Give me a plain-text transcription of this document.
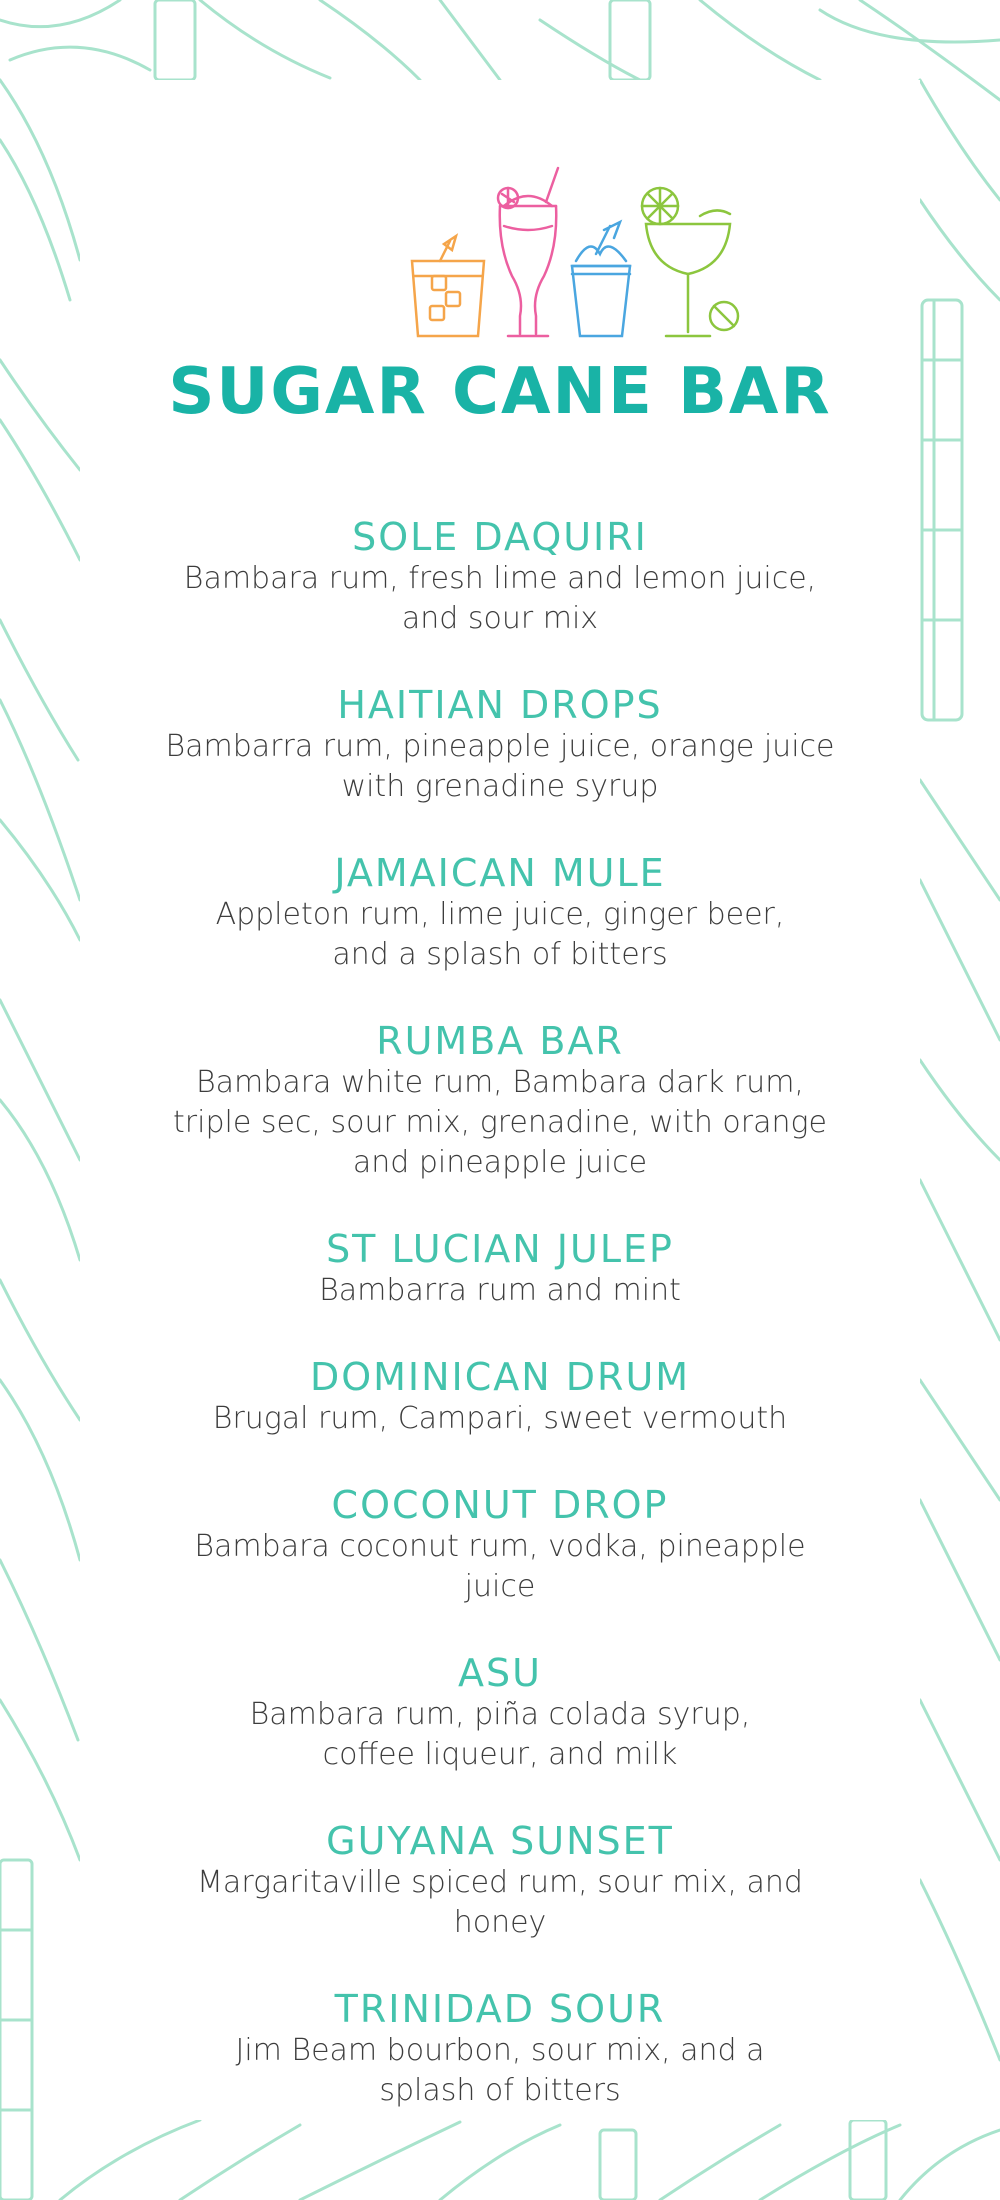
SUGAR CANE BAR
SOLE DAQUIRI
Bambara rum, fresh lime and lemon juice,
and sour mix
HAITIAN DROPS
Bambarra rum, pineapple juice, orange juice
with grenadine syrup
JAMAICAN MULE
Appleton rum, lime juice, ginger beer,
and a splash of bitters
RUMBA BAR
Bambara white rum, Bambara dark rum,
triple sec, sour mix, grenadine, with orange
and pineapple juice
ST LUCIAN JULEP
Bambarra rum and mint
DOMINICAN DRUM
Brugal rum, Campari, sweet vermouth
COCONUT DROP
Bambara coconut rum, vodka, pineapple juice
ASU
Bambara rum, piña colada syrup,
coffee liqueur, and milk
GUYANA SUNSET
Margaritaville spiced rum, sour mix, and honey
TRINIDAD SOUR
Jim Beam bourbon, sour mix, and a
splash of bitters
